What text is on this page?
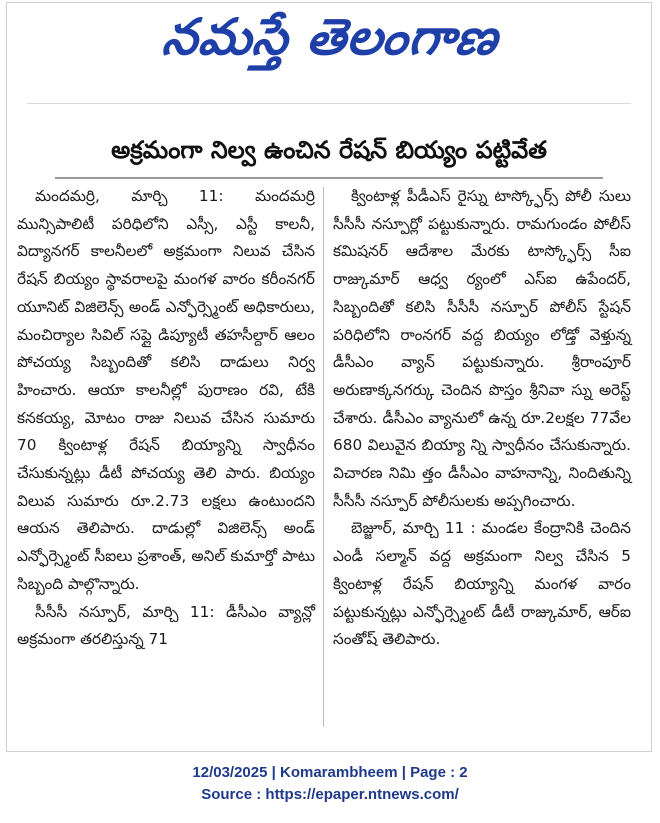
నమస్తే తెలంగాణ
అక్రమంగా నిల్వ ఉంచిన రేషన్ బియ్యం పట్టివేత

మందమర్రి, మార్చి 11: మందమర్రి మున్సిపాలిటీ పరిధిలోని ఎస్సీ, ఎస్టీ కాలనీ, విద్యానగర్ కాలనీలలో అక్రమంగా నిలువ చేసిన రేషన్ బియ్యం స్థావరాలపై మంగళ వారం కరీంనగర్ యూనిట్ విజిలెన్స్ అండ్ ఎన్ఫోర్స్మెంట్ అధికారులు, మంచిర్యాల సివిల్ సప్లై డిప్యూటీ తహసీల్దార్ ఆలం పోచయ్య సిబ్బందితో కలిసి దాడులు నిర్వ హించారు. ఆయా కాలనీల్లో పురాణం రవి, టేకి కనకయ్య, మోటం రాజు నిలువ చేసిన సుమారు 70 క్వింటాళ్ల రేషన్ బియ్యాన్ని స్వాధీనం చేసుకున్నట్లు డీటీ పోచయ్య తెలి పారు. బియ్యం విలువ సుమారు రూ.2.73 లక్షలు ఉంటుందని ఆయన తెలిపారు. దాడుల్లో విజిలెన్స్ అండ్ ఎన్ఫోర్స్మెంట్ సీఐలు ప్రశాంత్, అనిల్ కుమార్తో పాటు సిబ్బంది పాల్గొన్నారు.

సీసీసీ నస్పూర్, మార్చి 11: డీసీఎం వ్యాన్లో అక్రమంగా తరలిస్తున్న 71

క్వింటాళ్ల పీడీఎస్ రైస్ను టాస్క్ఫోర్స్ పోలీ సులు సీసీసీ నస్పూర్లో పట్టుకున్నారు. రామగుండం పోలీస్ కమిషనర్ ఆదేశాల మేరకు టాస్క్ఫోర్స్ సీఐ రాజ్కుమార్ ఆధ్వ ర్యంలో ఎస్ఐ ఉపేందర్, సిబ్బందితో కలిసి సీసీసీ నస్పూర్ పోలీస్ స్టేషన్ పరిధిలోని రాంనగర్ వద్ద బియ్యం లోడ్తో వెళ్తున్న డీసీఎం వ్యాన్ పట్టుకున్నారు. శ్రీరాంపూర్ అరుణాక్కనగర్కు చెందిన పొస్తం శ్రీనివా స్ను అరెస్ట్ చేశారు. డీసీఎం వ్యానులో ఉన్న రూ.2లక్షల 77వేల 680 విలువైన బియ్యా న్ని స్వాధీనం చేసుకున్నారు. విచారణ నిమి త్తం డీసీఎం వాహనాన్ని, నిందితున్ని సీసీసీ నస్పూర్ పోలీసులకు అప్పగించారు.

బెజ్జూర్, మార్చి 11 : మండల కేంద్రానికి చెందిన ఎండీ సల్మాన్ వద్ద అక్రమంగా నిల్వ చేసిన 5 క్వింటాళ్ల రేషన్ బియ్యాన్ని మంగళ వారం పట్టుకున్నట్లు ఎన్ఫోర్స్మెంట్ డీటీ రాజ్కుమార్, ఆర్ఐ సంతోష్ తెలిపారు.

12/03/2025 | Komarambheem | Page : 2
Source : https://epaper.ntnews.com/
